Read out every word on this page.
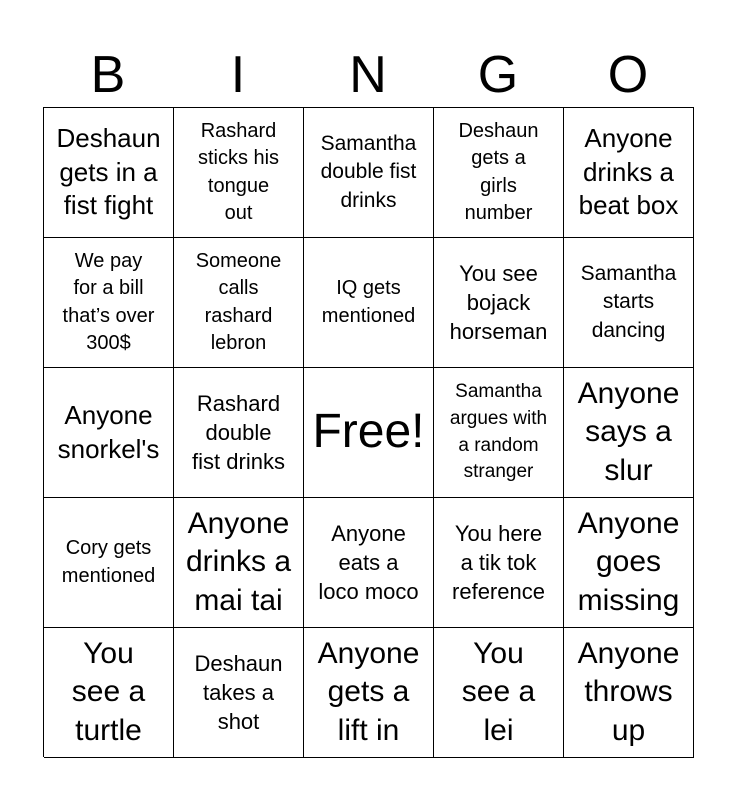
B	I	N	G	O
Deshaun
gets in a
fist fight
Rashard
sticks his
tongue
out
Samantha
double fist
drinks
Deshaun
gets a
girls
number
Anyone
drinks a
beat box
We pay
for a bill
that’s over
300$
Someone
calls
rashard
lebron
IQ gets
mentioned
You see
bojack
horseman
Samantha
starts
dancing
Anyone
snorkel's
Rashard
double
fist drinks
Free!
Samantha
argues with
a random
stranger
Anyone
says a
slur
Cory gets
mentioned
Anyone
drinks a
mai tai
Anyone
eats a
loco moco
You here
a tik tok
reference
Anyone
goes
missing
You
see a
turtle
Deshaun
takes a
shot
Anyone
gets a
lift in
You
see a
lei
Anyone
throws
up
